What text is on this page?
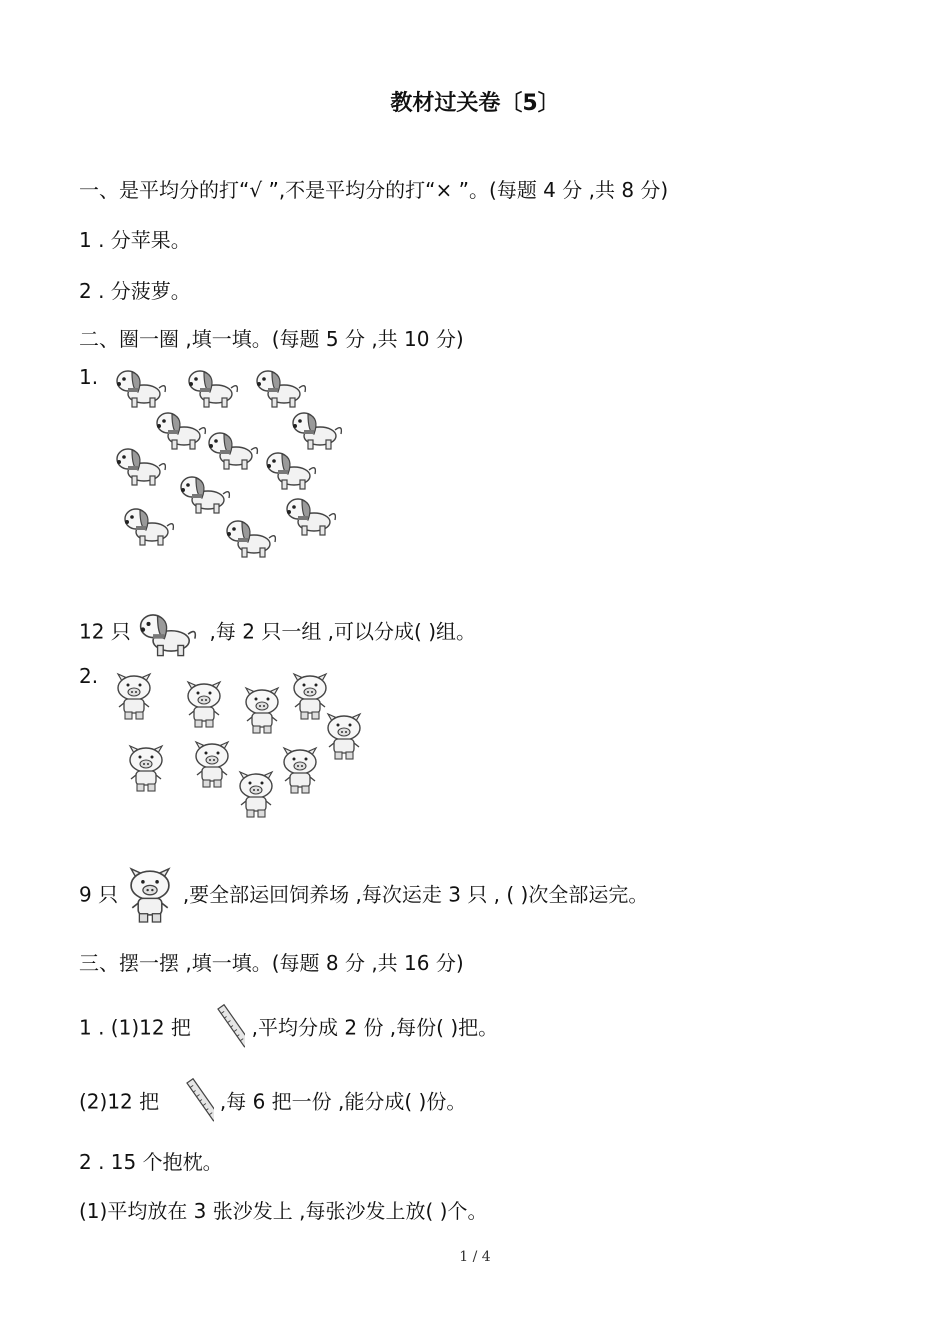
教材过关卷〔5〕
一、是平均分的打“√ ”,不是平均分的打“× ”。(每题 4 分 ,共 8 分)
1 . 分苹果。
2 . 分菠萝。
二、圈一圈 ,填一填。(每题 5 分 ,共 10 分)
1.
12 只	,每 2 只一组 ,可以分成( )组。
2.
9 只	,要全部运回饲养场 ,每次运走 3 只 , ( )次全部运完。
三、摆一摆 ,填一填。(每题 8 分 ,共 16 分)
1 . (1)12 把	,平均分成 2 份 ,每份( )把。
(2)12 把	,每 6 把一份 ,能分成( )份。
2 . 15 个抱枕。
(1)平均放在 3 张沙发上 ,每张沙发上放( )个。
1 / 4
